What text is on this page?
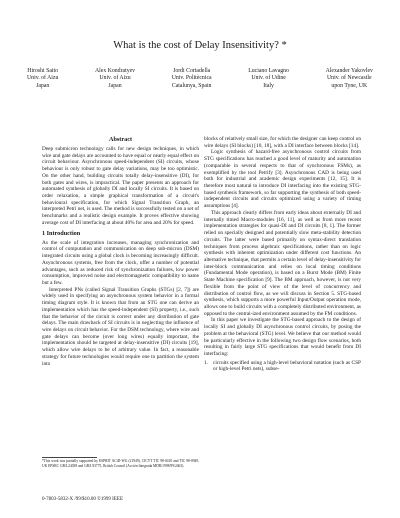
What is the cost of Delay Insensitivity? *
Hiroshi Saito
Univ. of Aizu
Japan
Alex Kondratyev
Univ. of Aizu
Japan
Jordi Cortadella
Univ. Politècnica
Catalunya, Spain
Luciano Lavagno
Univ. of Udine
Italy
Alexander Yakovlev
Univ. of Newcastle
upon Tyne, UK
Abstract

Deep submicron technology calls for new design techniques, in which wire and gate delays are accounted to have equal or nearly equal effect on circuit behaviour. Asynchronous speed-independent (SI) circuits, whose behaviour is only robust to gate delay variations, may be too optimistic. On the other hand, building circuits totally delay-insensitive (DI), for both gates and wires, is impractical. The paper presents an approach for automated synthesis of globally DI and locally SI circuits. It is based on order relaxation, a simple graphical transformation of a circuit's behavioural specification, for which Signal Transition Graph, an interpreted Petri net, is used. The method is successfully tested on a set of benchmarks and a realistic design example. It proves effective showing average cost of DI interfacing at about 40% for area and 20% for speed.

1 Introduction

As the scale of integration increases, managing synchronization and control of computation and communication on deep sub-micron (DSM) integrated circuits using a global clock is becoming increasingly difficult. Asynchronous systems, free from the clock, offer a number of potential advantages, such as reduced risk of synchronization failures, low power consumption, improved noise and electromagnetic compatibility to name but a few.

Interpreted PNs (called Signal Transition Graphs (STGs) [2, 7]) are widely used in specifying an asynchronous system behavior in a formal timing diagram style. It is known that from an STG one can derive an implementation which has the speed-independent (SI) property, i.e., such that the behavior of the circuit is correct under any distribution of gate delays. The main drawback of SI circuits is in neglecting the influence of wire delays on circuit behavior. For the DSM technology, where wire and gate delays can become (over long wires) equally important, the implementation should be targeted at delay-insensitive (DI) circuits [19], which allow wire delays to be of arbitrary value. In fact, a reasonable strategy for future technologies would require one to partition the system into

*This work was partially supported by ESPRIT ACiD-WG (21949), CICYT TIC 98-0410 and TIC 98-0949, UK EPSRC GR/L24038 and GR/L93775, British Council (Acción Integrada MDR/1998/99/2463).

blocks of relatively small size, for which the designer can keep control on wire delays (SI blocks) [10, 18], with a DI interface between blocks [14].

Logic synthesis of hazard-free asynchronous control circuits from STG specifications has reached a good level of maturity and automation (comparable in several respects to that of synchronous FSMs), as exemplified by the tool Petrify [3]. Asynchronous CAD is being used both for industrial and academic design experiments [12, 15]. It is therefore most natural to introduce DI interfacing into the existing STG-based synthesis framework, so far supporting the synthesis of both speed-independent circuits and circuits optimized using a variety of timing assumptions [4].

This approach clearly differs from early ideas about externally DI and internally timed Macro-modules [16, 11], as well as from more recent implementation strategies for quasi-DI and DI circuits [8, 1]. The former relied on specially designed and potentially slow meta-stability detection circuits. The latter were based primarily on syntax-direct translation techniques from process algebraic specifications, rather than on logic synthesis with inherent optimization under different cost functions. An alternative technique, that permits a certain level of delay-insensitivity for inter-block communication and relies on local timing conditions (Fundamental Mode operation), is based on a Burst Mode (BM) Finite State Machine specification [9]. The BM approach, however, is not very flexible from the point of view of the level of concurrency and distribution of control flow, as we will discuss in Section 5. STG-based synthesis, which supports a more powerful Input/Output operation mode, allows one to build circuits with a completely distributed environment, as opposed to the central-ized environment assumed by the FM conditions.

In this paper we investigate the STG-based approach to the design of locally SI and globally DI asynchronous control circuits, by posing the problem at the behavioral (STG) level. We believe that our method would be particularly effective in the following two design flow scenarios, both resulting in fairly large STG specifications that would benefit from DI interfacing:

1. circuits specified using a high-level behavioral notation (such as CSP or high-level Petri nets), subse-
0-7803-5832-X /99/$10.00 ©1999 IEEE
